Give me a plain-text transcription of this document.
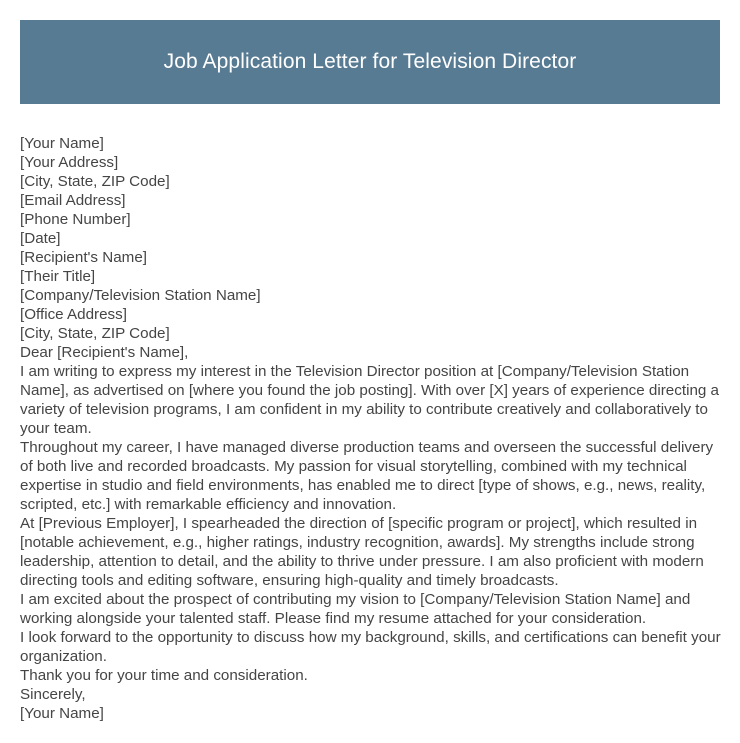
Job Application Letter for Television Director

[Your Name]

[Your Address]

[City, State, ZIP Code]

[Email Address]

[Phone Number]

[Date]

[Recipient's Name]

[Their Title]

[Company/Television Station Name]

[Office Address]

[City, State, ZIP Code]

Dear [Recipient's Name],

I am writing to express my interest in the Television Director position at [Company/Television Station Name], as advertised on [where you found the job posting]. With over [X] years of experience directing a variety of television programs, I am confident in my ability to contribute creatively and collaboratively to your team.

Throughout my career, I have managed diverse production teams and overseen the successful delivery of both live and recorded broadcasts. My passion for visual storytelling, combined with my technical expertise in studio and field environments, has enabled me to direct [type of shows, e.g., news, reality, scripted, etc.] with remarkable efficiency and innovation.

At [Previous Employer], I spearheaded the direction of [specific program or project], which resulted in [notable achievement, e.g., higher ratings, industry recognition, awards]. My strengths include strong leadership, attention to detail, and the ability to thrive under pressure. I am also proficient with modern directing tools and editing software, ensuring high-quality and timely broadcasts.

I am excited about the prospect of contributing my vision to [Company/Television Station Name] and working alongside your talented staff. Please find my resume attached for your consideration.

I look forward to the opportunity to discuss how my background, skills, and certifications can benefit your organization.

Thank you for your time and consideration.

Sincerely,

[Your Name]
